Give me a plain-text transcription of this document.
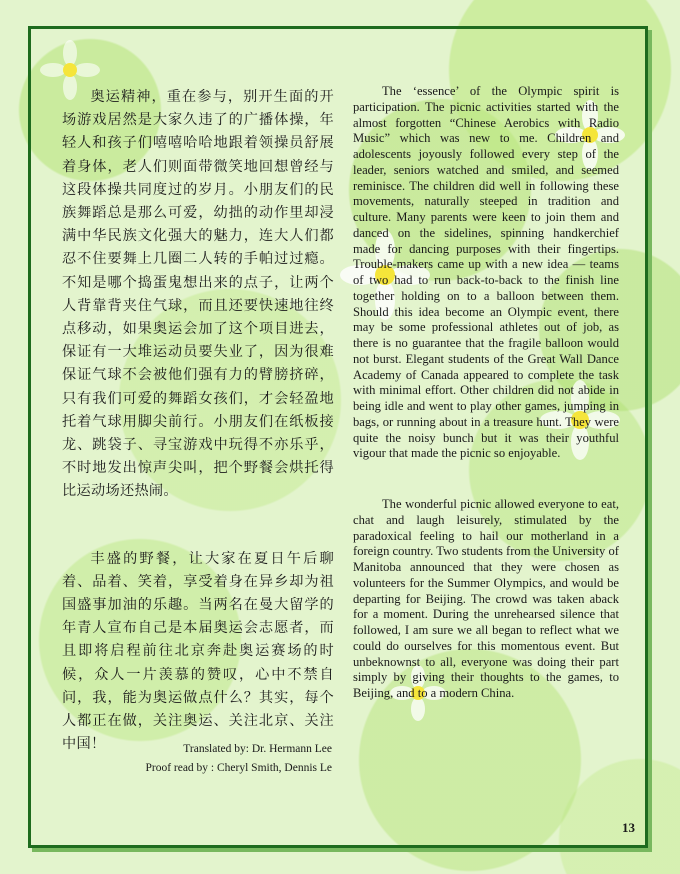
奥运精神，重在参与，别开生面的开场游戏居然是大家久违了的广播体操，年轻人和孩子们嘻嘻哈哈地跟着领操员舒展着身体，老人们则面带微笑地回想曾经与这段体操共同度过的岁月。小朋友们的民族舞蹈总是那么可爱，幼拙的动作里却浸满中华民族文化强大的魅力，连大人们都忍不住要舞上几圈二人转的手帕过过瘾。不知是哪个捣蛋鬼想出来的点子，让两个人背靠背夹住气球，而且还要快速地往终点移动，如果奥运会加了这个项目进去，保证有一大堆运动员要失业了，因为很难保证气球不会被他们强有力的臂膀挤碎，只有我们可爱的舞蹈女孩们，才会轻盈地托着气球用脚尖前行。小朋友们在纸板接龙、跳袋子、寻宝游戏中玩得不亦乐乎，不时地发出惊声尖叫，把个野餐会烘托得比运动场还热闹。

丰盛的野餐，让大家在夏日午后聊着、品着、笑着，享受着身在异乡却为祖国盛事加油的乐趣。当两名在曼大留学的年青人宣布自己是本届奥运会志愿者，而且即将启程前往北京奔赴奥运赛场的时候，众人一片羡慕的赞叹，心中不禁自问，我，能为奥运做点什么？其实，每个人都正在做，关注奥运、关注北京、关注中国！	Translated by: Dr. Hermann Lee
Proof read by : Cheryl Smith, Dennis Le

The ‘essence’ of the Olympic spirit is participation. The picnic activities started with the almost forgotten “Chinese Aerobics with Radio Music” which was new to me. Children and adolescents joyously followed every step of the leader, seniors watched and smiled, and seemed reminisce. The children did well in following these movements, naturally steeped in tradition and culture. Many parents were keen to join them and danced on the sidelines, spinning handkerchief made for dancing purposes with their fingertips. Trouble-makers came up with a new idea — teams of two had to run back-to-back to the finish line together holding on to a balloon between them. Should this idea become an Olympic event, there may be some professional athletes out of job, as there is no guarantee that the fragile balloon would not burst. Elegant students of the Great Wall Dance Academy of Canada appeared to complete the task with minimal effort. Other children did not abide in being idle and went to play other games, jumping in bags, or running about in a treasure hunt. They were quite the noisy bunch but it was their youthful vigour that made the picnic so enjoyable.

The wonderful picnic allowed everyone to eat, chat and laugh leisurely, stimulated by the paradoxical feeling to hail our motherland in a foreign country. Two students from the University of Manitoba announced that they were chosen as volunteers for the Summer Olympics, and would be departing for Beijing. The crowd was taken aback for a moment. During the unrehearsed silence that followed, I am sure we all began to reflect what we could do ourselves for this momentous event. But unbeknownst to all, everyone was doing their part simply by giving their thoughts to the games, to Beijing, and to a modern China.

13
